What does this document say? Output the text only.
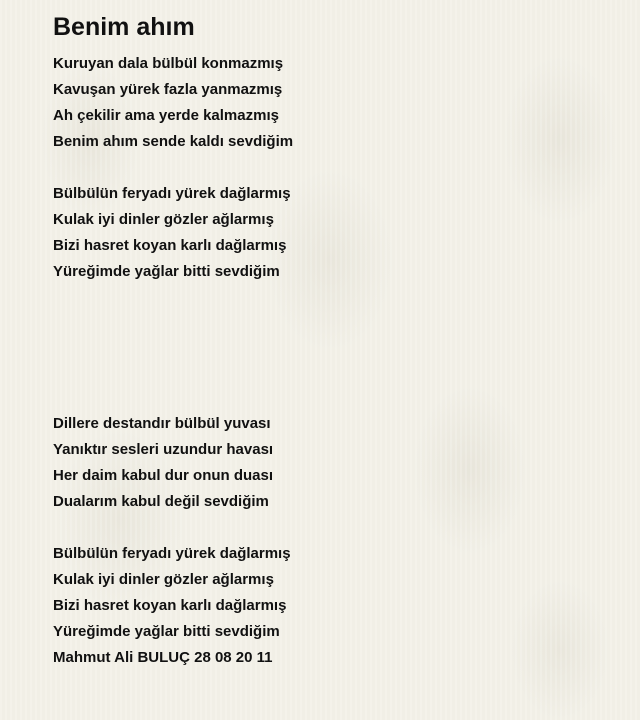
Benim ahım

Kuruyan dala bülbül konmazmış
Kavuşan yürek fazla yanmazmış
Ah çekilir ama yerde kalmazmış
Benim ahım sende kaldı sevdiğim

Bülbülün feryadı yürek dağlarmış
Kulak iyi dinler gözler ağlarmış
Bizi hasret koyan karlı dağlarmış
Yüreğimde yağlar bitti sevdiğim

Dillere destandır bülbül yuvası
Yanıktır sesleri uzundur havası
Her daim kabul dur onun duası
Dualarım kabul değil sevdiğim

Bülbülün feryadı yürek dağlarmış
Kulak iyi dinler gözler ağlarmış
Bizi hasret koyan karlı dağlarmış
Yüreğimde yağlar bitti sevdiğim
Mahmut Ali BULUÇ 28 08 20 11
